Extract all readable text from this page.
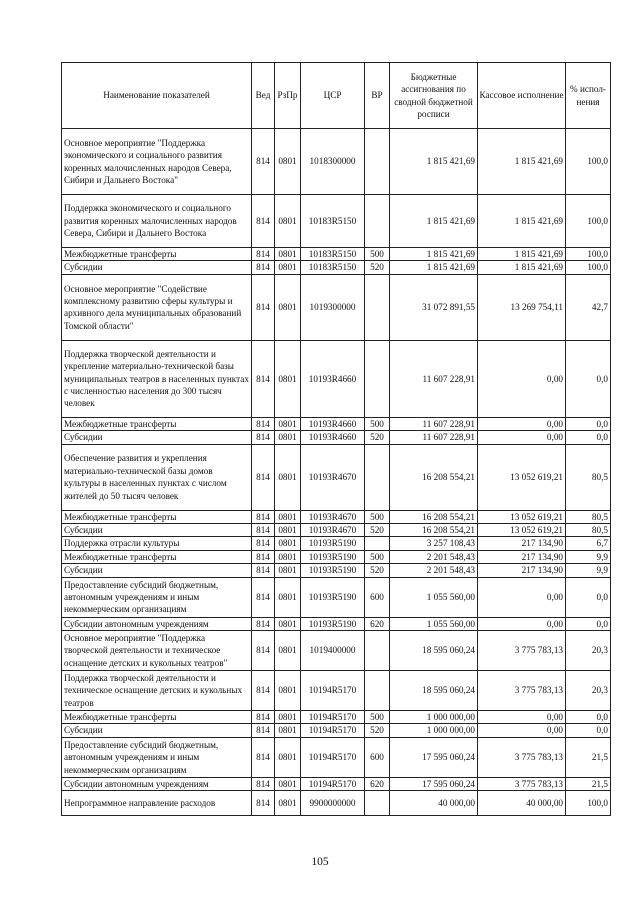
Наименование показателей	Вед	РзПр	ЦСР	ВР	Бюджетные ассигнования по сводной бюджетной росписи	Кассовое исполнение	% испол-нения
Основное мероприятие "Поддержка экономического и социального развития коренных малочисленных народов Севера, Сибири и Дальнего Востока"	814	0801	1018300000		1 815 421,69	1 815 421,69	100,0
Поддержка экономического и социального развития коренных малочисленных народов Севера, Сибири и Дальнего Востока	814	0801	10183R5150		1 815 421,69	1 815 421,69	100,0
Межбюджетные трансферты	814	0801	10183R5150	500	1 815 421,69	1 815 421,69	100,0
Субсидии	814	0801	10183R5150	520	1 815 421,69	1 815 421,69	100,0
Основное мероприятие "Содействие комплексному развитию сферы культуры и архивного дела муниципальных образований Томской области"	814	0801	1019300000		31 072 891,55	13 269 754,11	42,7
Поддержка творческой деятельности и укрепление материально-технической базы муниципальных театров в населенных пунктах с численностью населения до 300 тысяч человек	814	0801	10193R4660		11 607 228,91	0,00	0,0
Межбюджетные трансферты	814	0801	10193R4660	500	11 607 228,91	0,00	0,0
Субсидии	814	0801	10193R4660	520	11 607 228,91	0,00	0,0
Обеспечение развития и укрепления материально-технической базы домов культуры в населенных пунктах с числом жителей до 50 тысяч человек	814	0801	10193R4670		16 208 554,21	13 052 619,21	80,5
Межбюджетные трансферты	814	0801	10193R4670	500	16 208 554,21	13 052 619,21	80,5
Субсидии	814	0801	10193R4670	520	16 208 554,21	13 052 619,21	80,5
Поддержка отрасли культуры	814	0801	10193R5190		3 257 108,43	217 134,90	6,7
Межбюджетные трансферты	814	0801	10193R5190	500	2 201 548,43	217 134,90	9,9
Субсидии	814	0801	10193R5190	520	2 201 548,43	217 134,90	9,9
Предоставление субсидий бюджетным, автономным учреждениям и иным некоммерческим организациям	814	0801	10193R5190	600	1 055 560,00	0,00	0,0
Субсидии автономным учреждениям	814	0801	10193R5190	620	1 055 560,00	0,00	0,0
Основное мероприятие "Поддержка творческой деятельности и техническое оснащение детских и кукольных театров"	814	0801	1019400000		18 595 060,24	3 775 783,13	20,3
Поддержка творческой деятельности и техническое оснащение детских и кукольных театров	814	0801	10194R5170		18 595 060,24	3 775 783,13	20,3
Межбюджетные трансферты	814	0801	10194R5170	500	1 000 000,00	0,00	0,0
Субсидии	814	0801	10194R5170	520	1 000 000,00	0,00	0,0
Предоставление субсидий бюджетным, автономным учреждениям и иным некоммерческим организациям	814	0801	10194R5170	600	17 595 060,24	3 775 783,13	21,5
Субсидии автономным учреждениям	814	0801	10194R5170	620	17 595 060,24	3 775 783,13	21,5
Непрограммное направление расходов	814	0801	9900000000		40 000,00	40 000,00	100,0
105
